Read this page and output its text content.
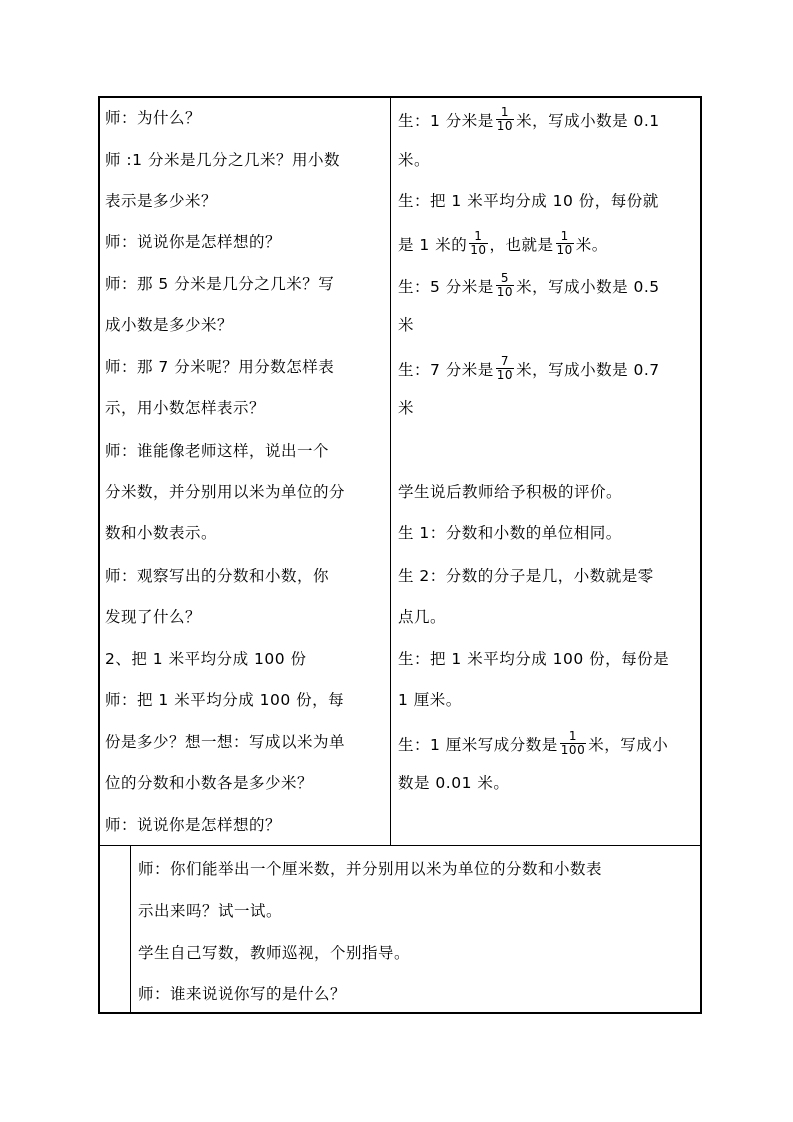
师：为什么？
师 :1 分米是几分之几米？用小数
表示是多少米？
师：说说你是怎样想的？
师：那 5 分米是几分之几米？写
成小数是多少米？
师：那 7 分米呢？用分数怎样表
示，用小数怎样表示？
师：谁能像老师这样，说出一个
分米数，并分别用以米为单位的分
数和小数表示。
师：观察写出的分数和小数，你
发现了什么？
2、把 1 米平均分成 100 份
师：把 1 米平均分成 100 份，每
份是多少？想一想：写成以米为单
位的分数和小数各是多少米？
师：说说你是怎样想的？
生：1 分米是 $\frac{1}{10}$ 米，写成小数是 0.1
米。
生：把 1 米平均分成 10 份，每份就
是 1 米的 $\frac{1}{10}$ ，也就是 $\frac{1}{10}$ 米。
生：5 分米是 $\frac{5}{10}$ 米，写成小数是 0.5
米
生：7 分米是 $\frac{7}{10}$ 米，写成小数是 0.7
米
学生说后教师给予积极的评价。
生 1：分数和小数的单位相同。
生 2：分数的分子是几，小数就是零
点几。
生：把 1 米平均分成 100 份，每份是
1 厘米。
生：1 厘米写成分数是 $\frac{1}{100}$ 米，写成小
数是 0.01 米。
师：你们能举出一个厘米数，并分别用以米为单位的分数和小数表
示出来吗？试一试。
学生自己写数，教师巡视，个别指导。
师：谁来说说你写的是什么？
